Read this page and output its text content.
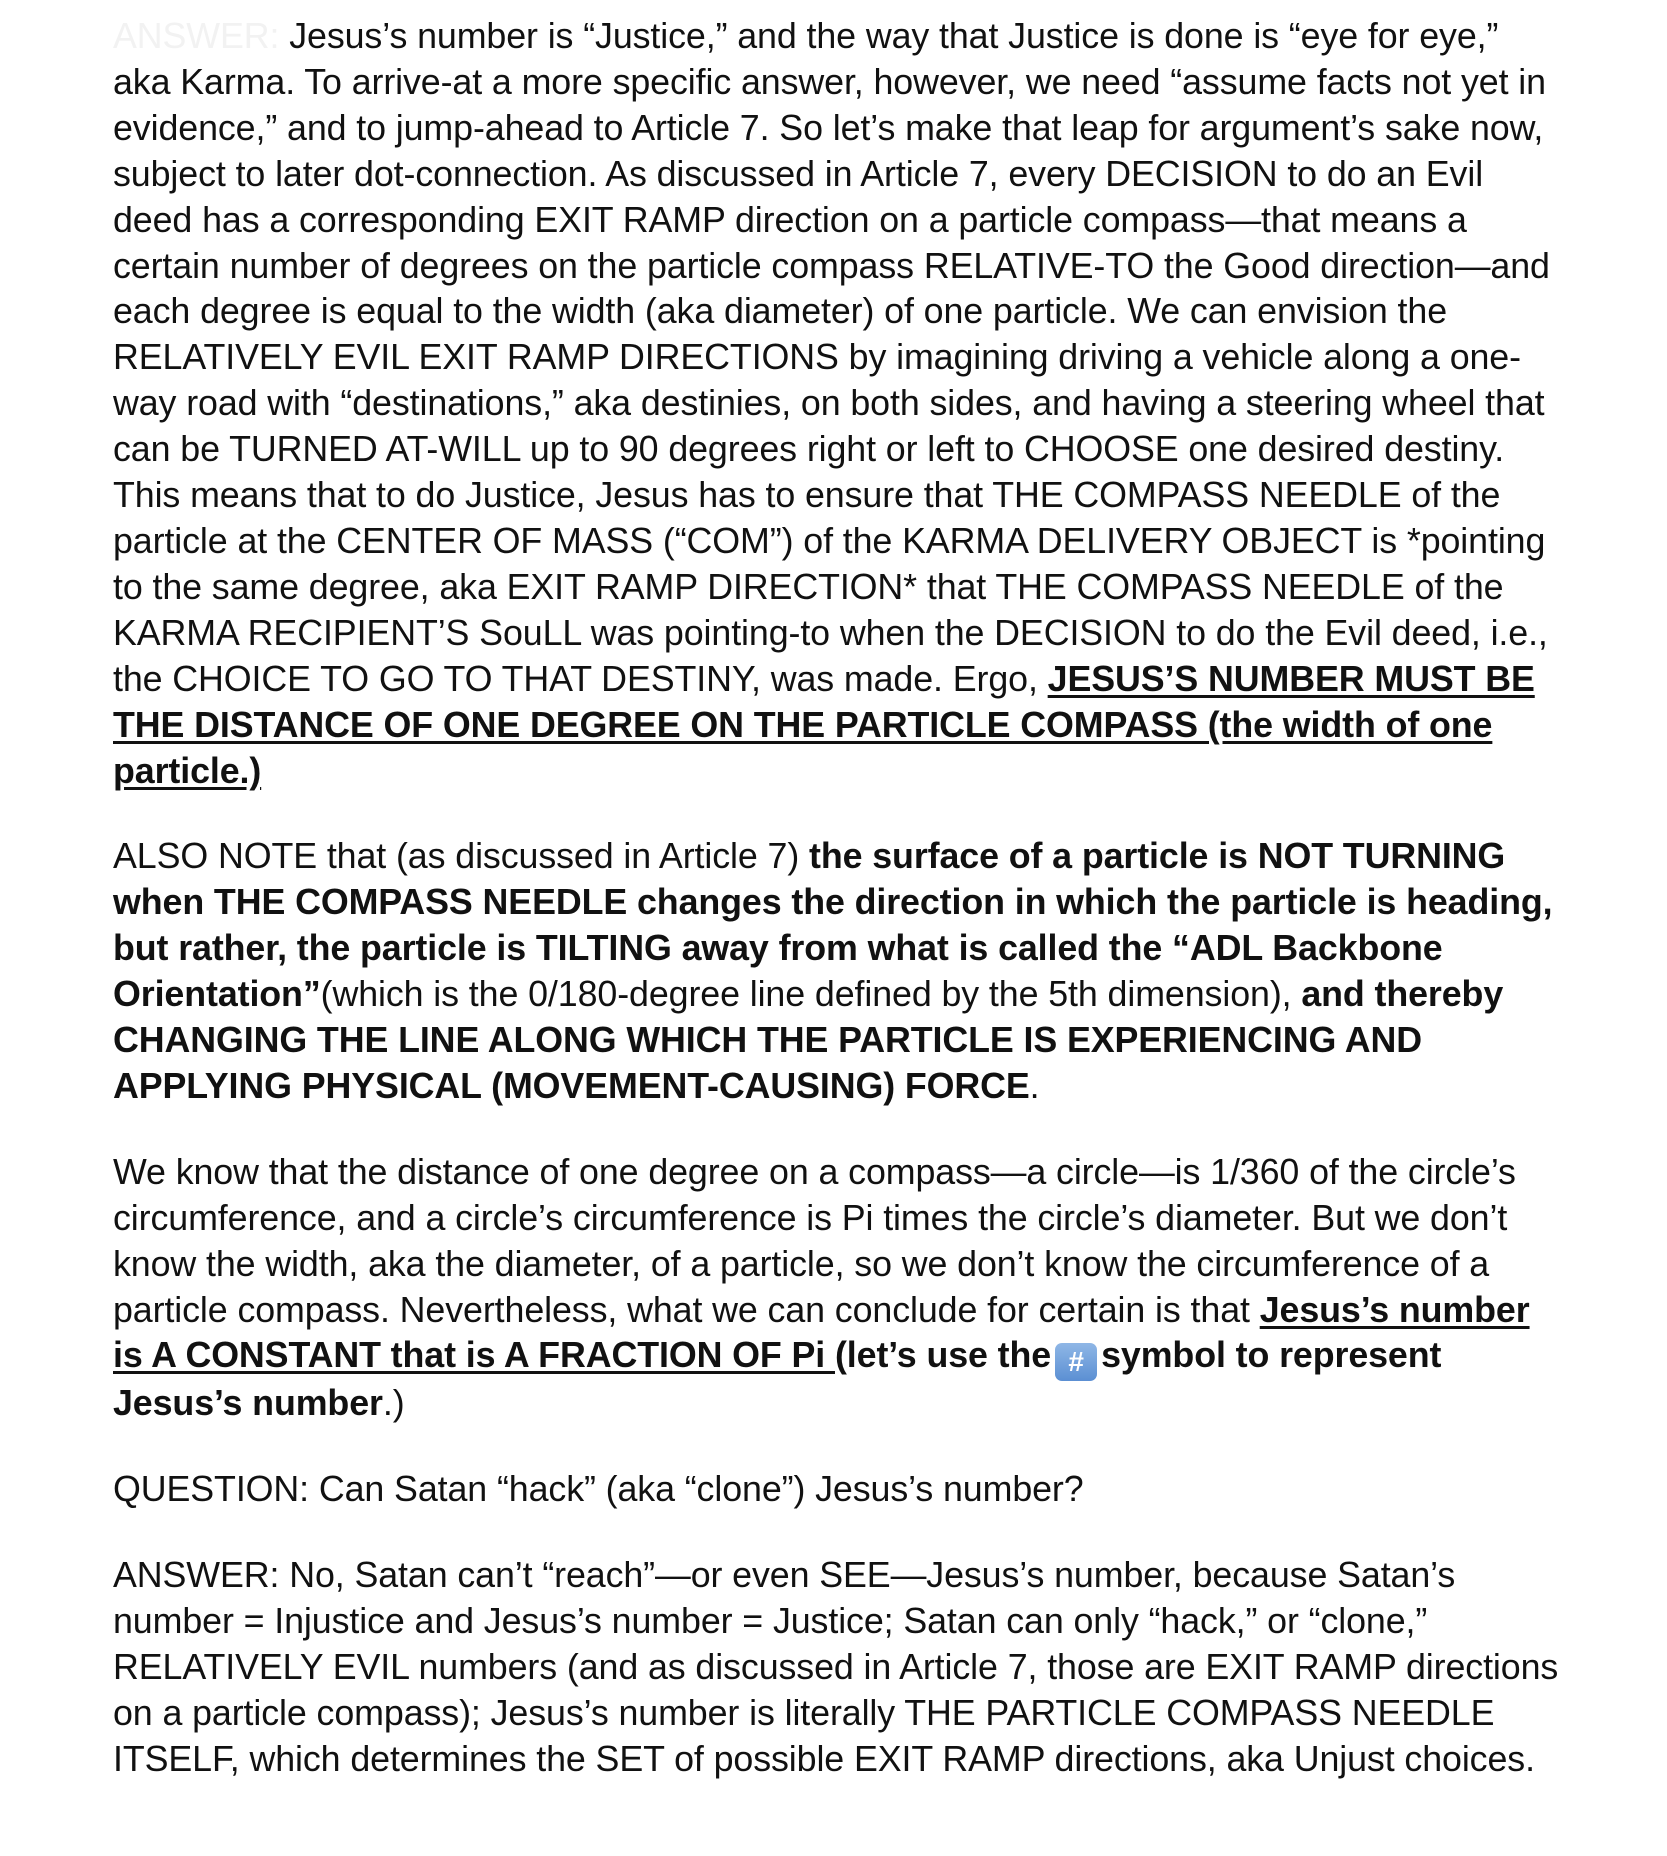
ANSWER: Jesus’s number is “Justice,” and the way that Justice is done is “eye for eye,” aka Karma. To arrive-at a more specific answer, however, we need “assume facts not yet in evidence,” and to jump-ahead to Article 7. So let’s make that leap for argument’s sake now, subject to later dot-connection. As discussed in Article 7, every DECISION to do an Evil deed has a corresponding EXIT RAMP direction on a particle compass—that means a certain number of degrees on the particle compass RELATIVE-TO the Good direction—and each degree is equal to the width (aka diameter) of one particle. We can envision the RELATIVELY EVIL EXIT RAMP DIRECTIONS by imagining driving a vehicle along a one-way road with “destinations,” aka destinies, on both sides, and having a steering wheel that can be TURNED AT-WILL up to 90 degrees right or left to CHOOSE one desired destiny. This means that to do Justice, Jesus has to ensure that THE COMPASS NEEDLE of the particle at the CENTER OF MASS (“COM”) of the KARMA DELIVERY OBJECT is *pointing to the same degree, aka EXIT RAMP DIRECTION* that THE COMPASS NEEDLE of the KARMA RECIPIENT’S SouLL was pointing-to when the DECISION to do the Evil deed, i.e., the CHOICE TO GO TO THAT DESTINY, was made. Ergo, JESUS’S NUMBER MUST BE THE DISTANCE OF ONE DEGREE ON THE PARTICLE COMPASS (the width of one particle.)

ALSO NOTE that (as discussed in Article 7) the surface of a particle is NOT TURNING when THE COMPASS NEEDLE changes the direction in which the particle is heading, but rather, the particle is TILTING away from what is called the “ADL Backbone Orientation”(which is the 0/180-degree line defined by the 5th dimension), and thereby CHANGING THE LINE ALONG WHICH THE PARTICLE IS EXPERIENCING AND APPLYING PHYSICAL (MOVEMENT-CAUSING) FORCE.

We know that the distance of one degree on a compass—a circle—is 1/360 of the circle’s circumference, and a circle’s circumference is Pi times the circle’s diameter. But we don’t know the width, aka the diameter, of a particle, so we don’t know the circumference of a particle compass. Nevertheless, what we can conclude for certain is that Jesus’s number is A CONSTANT that is A FRACTION OF Pi (let’s use the # symbol to represent Jesus’s number.)

QUESTION: Can Satan “hack” (aka “clone”) Jesus’s number?

ANSWER: No, Satan can’t “reach”—or even SEE—Jesus’s number, because Satan’s number = Injustice and Jesus’s number = Justice; Satan can only “hack,” or “clone,” RELATIVELY EVIL numbers (and as discussed in Article 7, those are EXIT RAMP directions on a particle compass); Jesus’s number is literally THE PARTICLE COMPASS NEEDLE ITSELF, which determines the SET of possible EXIT RAMP directions, aka Unjust choices.
